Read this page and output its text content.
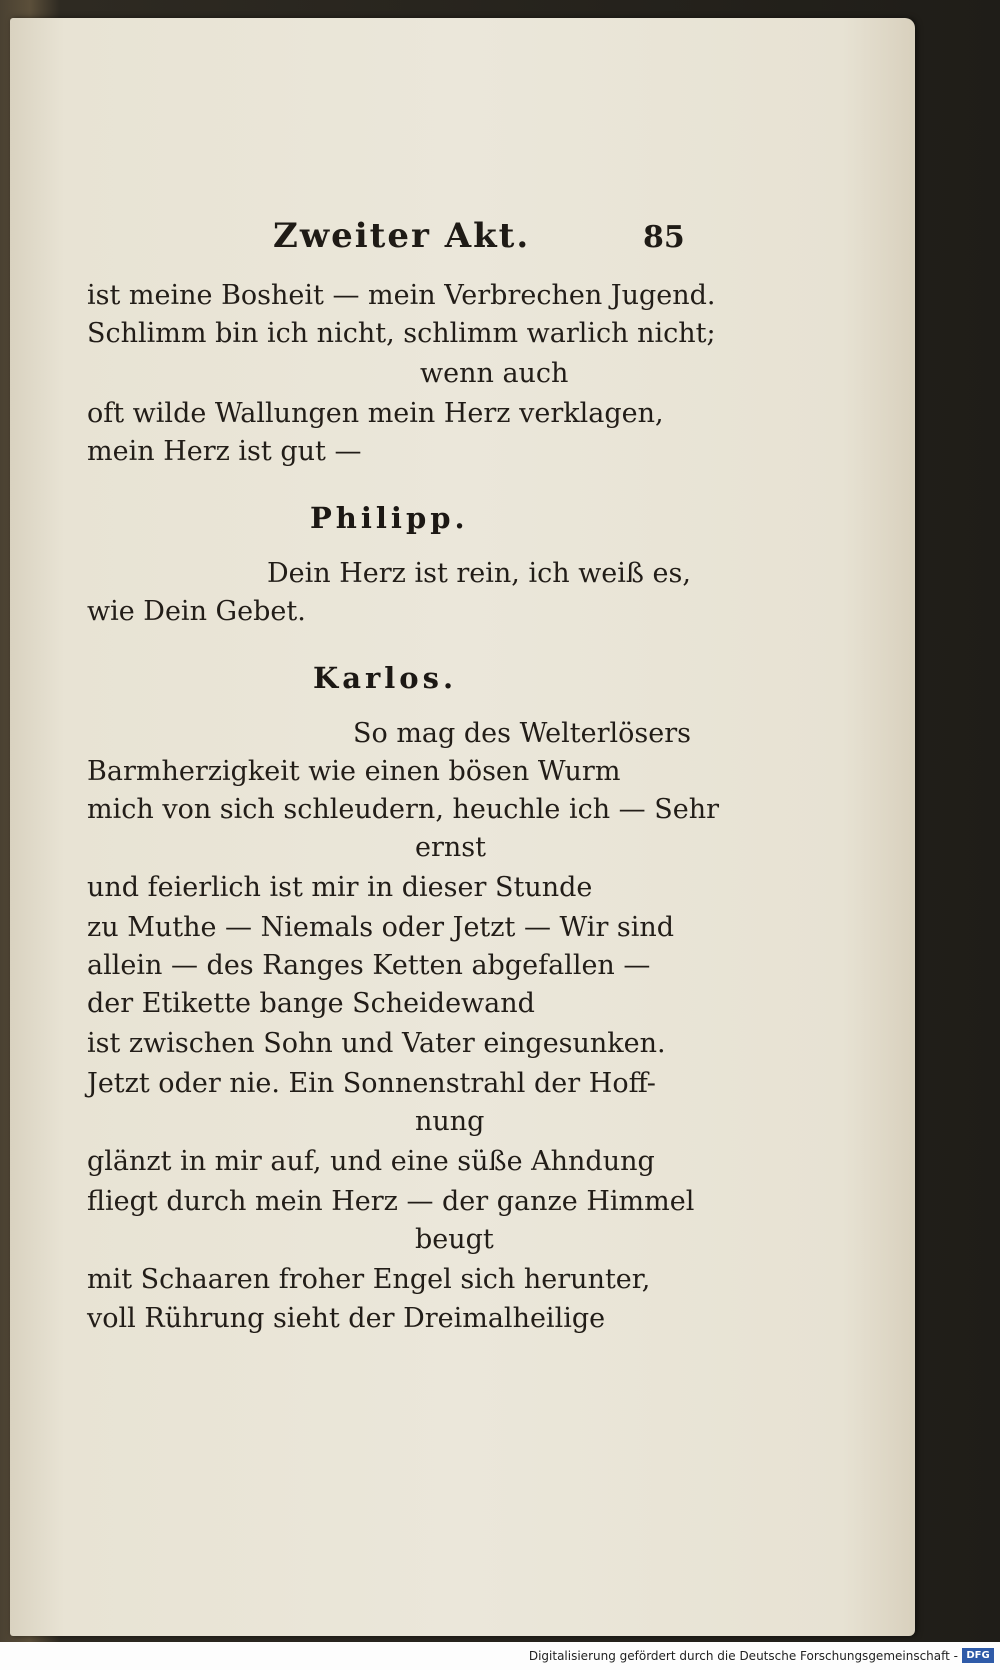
Zweiter Akt.	85
ist meine Bosheit — mein Verbrechen Jugend.
Schlimm bin ich nicht, schlimm warlich nicht;
wenn auch
oft wilde Wallungen mein Herz verklagen,
mein Herz ist gut —
Philipp.
Dein Herz ist rein, ich weiß es,
wie Dein Gebet.
Karlos.
So mag des Welterlösers
Barmherzigkeit wie einen bösen Wurm
mich von sich schleudern, heuchle ich — Sehr
ernst
und feierlich ist mir in dieser Stunde
zu Muthe — Niemals oder Jetzt — Wir sind
allein — des Ranges Ketten abgefallen —
der Etikette bange Scheidewand
ist zwischen Sohn und Vater eingesunken.
Jetzt oder nie. Ein Sonnenstrahl der Hoff-
nung
glänzt in mir auf, und eine süße Ahndung
fliegt durch mein Herz — der ganze Himmel
beugt
mit Schaaren froher Engel sich herunter,
voll Rührung sieht der Dreimalheilige
Digitalisierung gefördert durch die Deutsche Forschungsgemeinschaft - DFG
